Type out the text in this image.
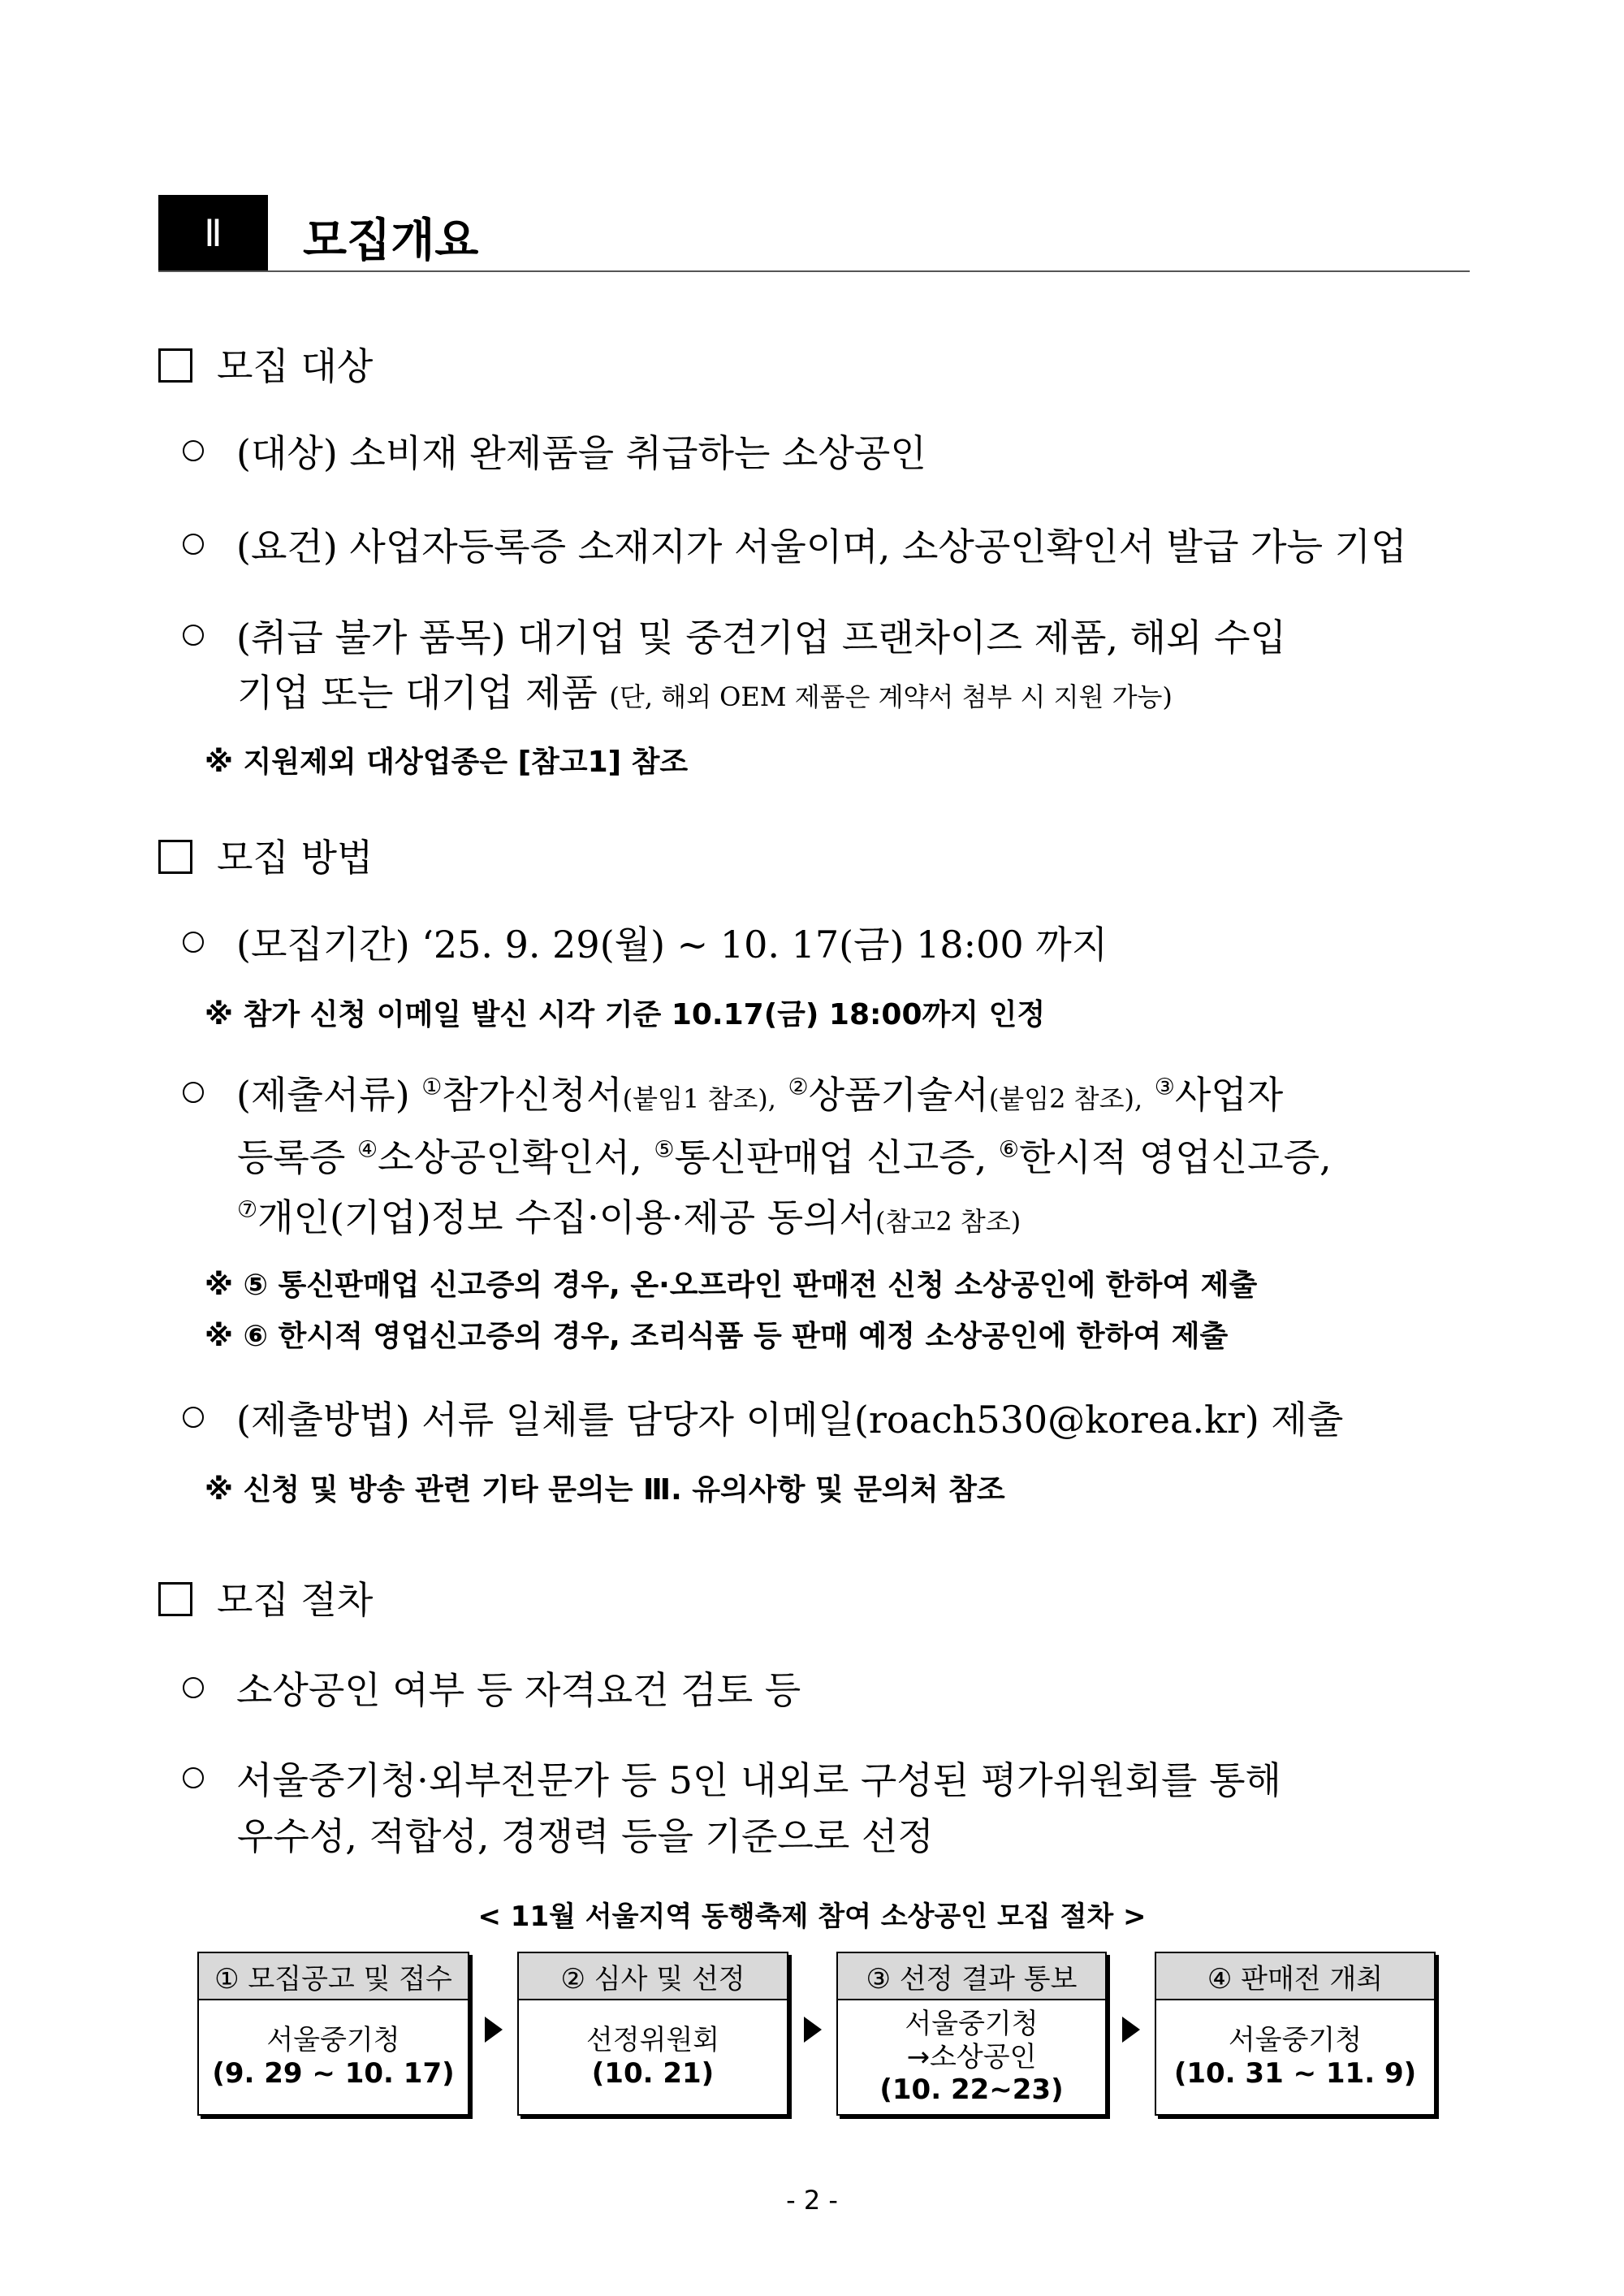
Ⅱ	모집개요
모집 대상
(대상) 소비재 완제품을 취급하는 소상공인
(요건) 사업자등록증 소재지가 서울이며, 소상공인확인서 발급 가능 기업
(취급 불가 품목) 대기업 및 중견기업 프랜차이즈 제품, 해외 수입
기업 또는 대기업 제품 (단, 해외 OEM 제품은 계약서 첨부 시 지원 가능)
※ 지원제외 대상업종은 [참고1] 참조
모집 방법
(모집기간) ‘25. 9. 29(월) ~ 10. 17(금) 18:00 까지
※ 참가 신청 이메일 발신 시각 기준 10.17(금) 18:00까지 인정
(제출서류) ①참가신청서(붙임1 참조), ②상품기술서(붙임2 참조), ③사업자
등록증 ④소상공인확인서, ⑤통신판매업 신고증, ⑥한시적 영업신고증,
⑦개인(기업)정보 수집·이용·제공 동의서(참고2 참조)
※ ⑤ 통신판매업 신고증의 경우, 온·오프라인 판매전 신청 소상공인에 한하여 제출
※ ⑥ 한시적 영업신고증의 경우, 조리식품 등 판매 예정 소상공인에 한하여 제출
(제출방법) 서류 일체를 담당자 이메일(roach530@korea.kr) 제출
※ 신청 및 방송 관련 기타 문의는 Ⅲ. 유의사항 및 문의처 참조
모집 절차
소상공인 여부 등 자격요건 검토 등
서울중기청·외부전문가 등 5인 내외로 구성된 평가위원회를 통해
우수성, 적합성, 경쟁력 등을 기준으로 선정
< 11월 서울지역 동행축제 참여 소상공인 모집 절차 >
① 모집공고 및 접수
서울중기청
(9. 29 ~ 10. 17)
② 심사 및 선정
선정위원회
(10. 21)
③ 선정 결과 통보
서울중기청
→소상공인
(10. 22~23)
④ 판매전 개최
서울중기청
(10. 31 ~ 11. 9)
- 2 -
